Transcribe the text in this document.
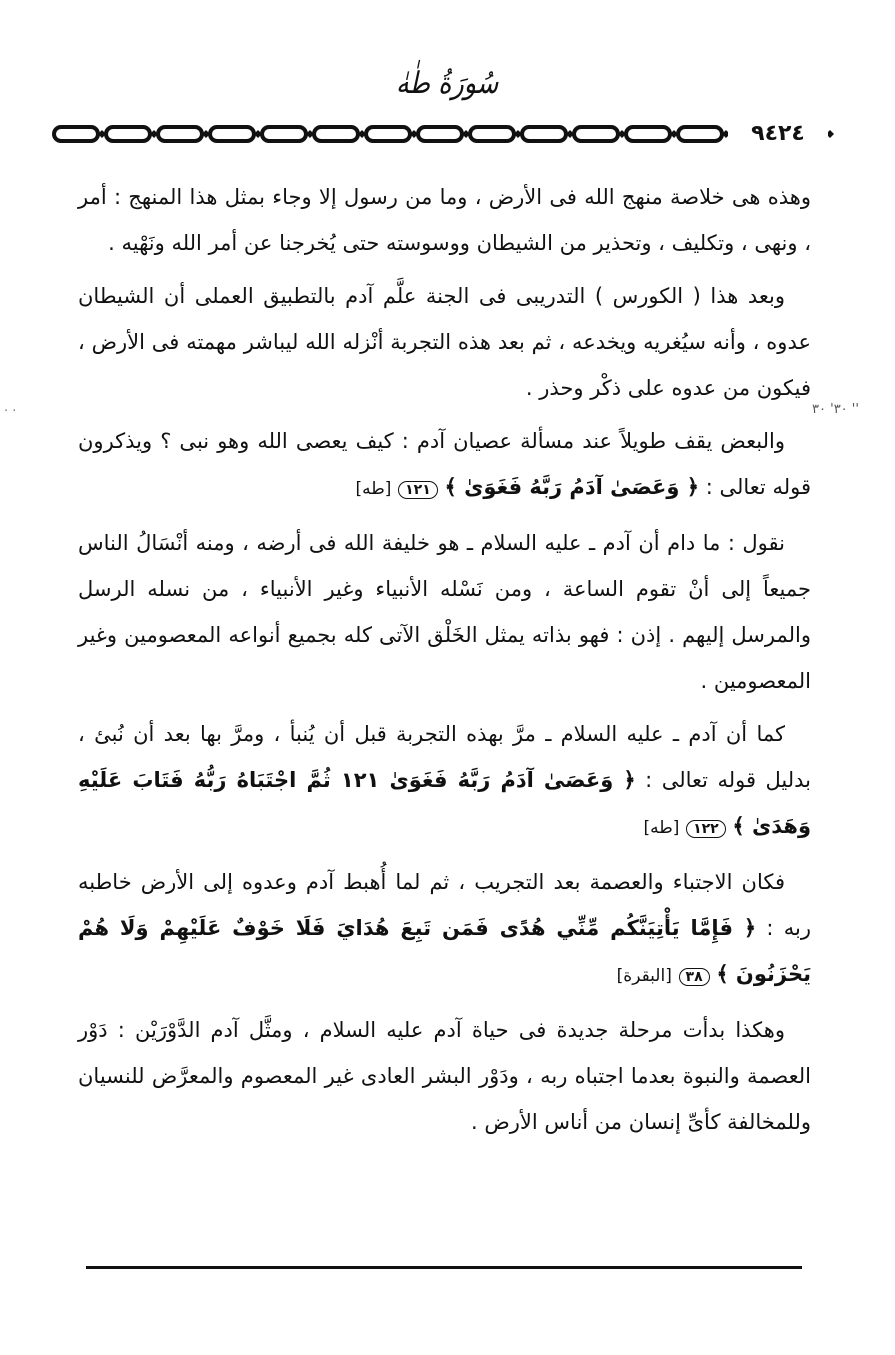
سُورَةُ طٰهٰ
٩٤٢٤
٣٠' ٣٠ ''
. .

وهذه هى خلاصة منهج الله فى الأرض ، وما من رسول إلا وجاء بمثل هذا المنهج : أمر ، ونهى ، وتكليف ، وتحذير من الشيطان ووسوسته حتى يُخرجنا عن أمر الله ونَهْيه .

وبعد هذا ( الكورس ) التدريبى فى الجنة علَّم آدم بالتطبيق العملى أن الشيطان عدوه ، وأنه سيُغريه ويخدعه ، ثم بعد هذه التجربة أنْزله الله ليباشر مهمته فى الأرض ، فيكون من عدوه على ذكْر وحذر .

والبعض يقف طويلاً عند مسألة عصيان آدم : كيف يعصى الله وهو نبى ؟ ويذكرون قوله تعالى : ﴿ وَعَصَىٰ آدَمُ رَبَّهُ فَغَوَىٰ ﴾ ١٢١ [طه]

نقول : ما دام أن آدم ـ عليه السلام ـ هو خليفة الله فى أرضه ، ومنه أنْسَالُ الناس جميعاً إلى أنْ تقوم الساعة ، ومن نَسْله الأنبياء وغير الأنبياء ، من نسله الرسل والمرسل إليهم . إذن : فهو بذاته يمثل الخَلْق الآتى كله بجميع أنواعه المعصومين وغير المعصومين .

كما أن آدم ـ عليه السلام ـ مرَّ بهذه التجربة قبل أن يُنبأ ، ومرَّ بها بعد أن نُبئ ، بدليل قوله تعالى : ﴿ وَعَصَىٰ آدَمُ رَبَّهُ فَغَوَىٰ ١٢١ ثُمَّ اجْتَبَاهُ رَبُّهُ فَتَابَ عَلَيْهِ وَهَدَىٰ ﴾ ١٢٢ [طه]

فكان الاجتباء والعصمة بعد التجريب ، ثم لما أُهبط آدم وعدوه إلى الأرض خاطبه ربه : ﴿ فَإِمَّا يَأْتِيَنَّكُم مِّنِّي هُدًى فَمَن تَبِعَ هُدَايَ فَلَا خَوْفٌ عَلَيْهِمْ وَلَا هُمْ يَحْزَنُونَ ﴾ ٣٨ [البقرة]

وهكذا بدأت مرحلة جديدة فى حياة آدم عليه السلام ، ومثَّل آدم الدَّوْرَيْن : دَوْر العصمة والنبوة بعدما اجتباه ربه ، ودَوْر البشر العادى غير المعصوم والمعرَّض للنسيان وللمخالفة كأىِّ إنسان من أناس الأرض .
